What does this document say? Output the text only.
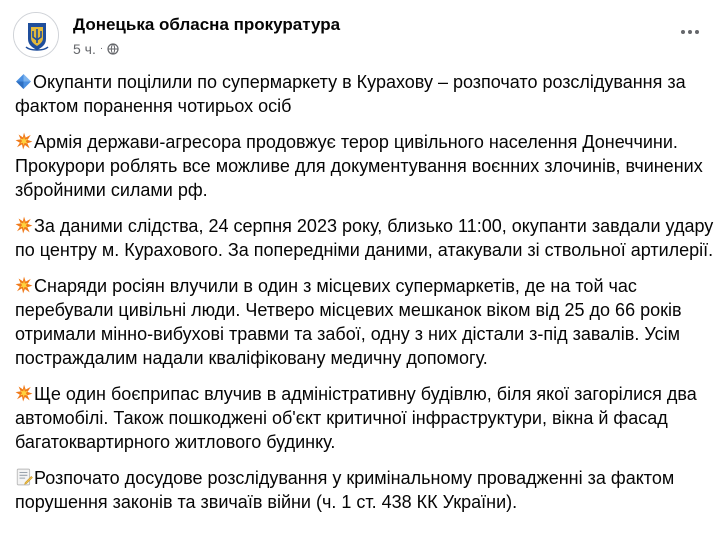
Донецька обласна прокуратура
5 ч. ·

Окупанти поцілили по супермаркету в Курахову – розпочато розслідування за фактом поранення чотирьох осіб

Армія держави-агресора продовжує терор цивільного населення Донеччини. Прокурори роблять все можливе для документування воєнних злочинів, вчинених збройними силами рф.

За даними слідства, 24 серпня 2023 року, близько 11:00, окупанти завдали удару по центру м. Курахового. За попередніми даними, атакували зі ствольної артилерії.

Снаряди росіян влучили в один з місцевих супермаркетів, де на той час перебували цивільні люди. Четверо місцевих мешканок віком від 25 до 66 років отримали мінно-вибухові травми та забої, одну з них дістали з-під завалів. Усім постраждалим надали кваліфіковану медичну допомогу.

Ще один боєприпас влучив в адміністративну будівлю, біля якої загорілися два автомобілі. Також пошкоджені об'єкт критичної інфраструктури, вікна й фасад багатоквартирного житлового будинку.

Розпочато досудове розслідування у кримінальному провадженні за фактом порушення законів та звичаїв війни (ч. 1 ст. 438 КК України).
